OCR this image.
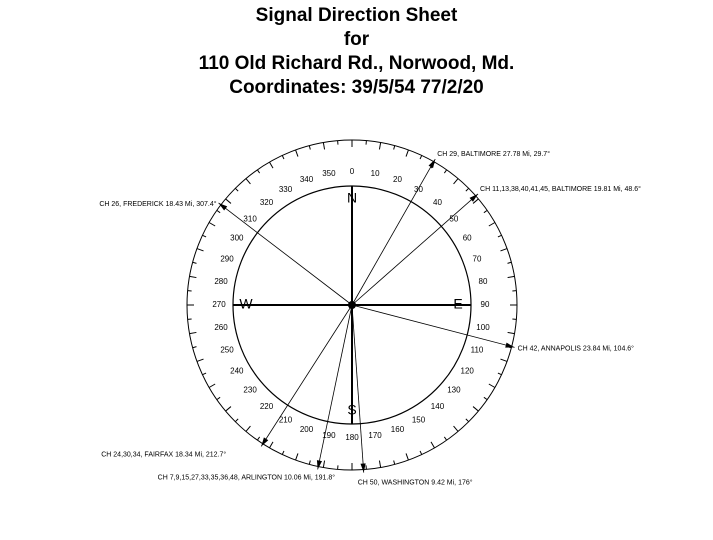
Signal Direction Sheet
for
110 Old Richard Rd., Norwood, Md.
Coordinates: 39/5/54 77/2/20
0 10
20
30
40
50
60
70
80
90
100
110
120
130
140
150
160
170
180
190
200
210
220
230
240
250
260
270
280
290
300
310
320
330
340
350
N
E
S
W
CH 29, BALTIMORE 27.78 Mi, 29.7°
CH 11,13,38,40,41,45, BALTIMORE 19.81 Mi, 48.6°
CH 42, ANNAPOLIS 23.84 Mi, 104.6°
CH 50, WASHINGTON 9.42 Mi, 176°
CH 7,9,15,27,33,35,36,48, ARLINGTON 10.06 Mi, 191.8°
CH 24,30,34, FAIRFAX 18.34 Mi, 212.7°
CH 26, FREDERICK 18.43 Mi, 307.4°
